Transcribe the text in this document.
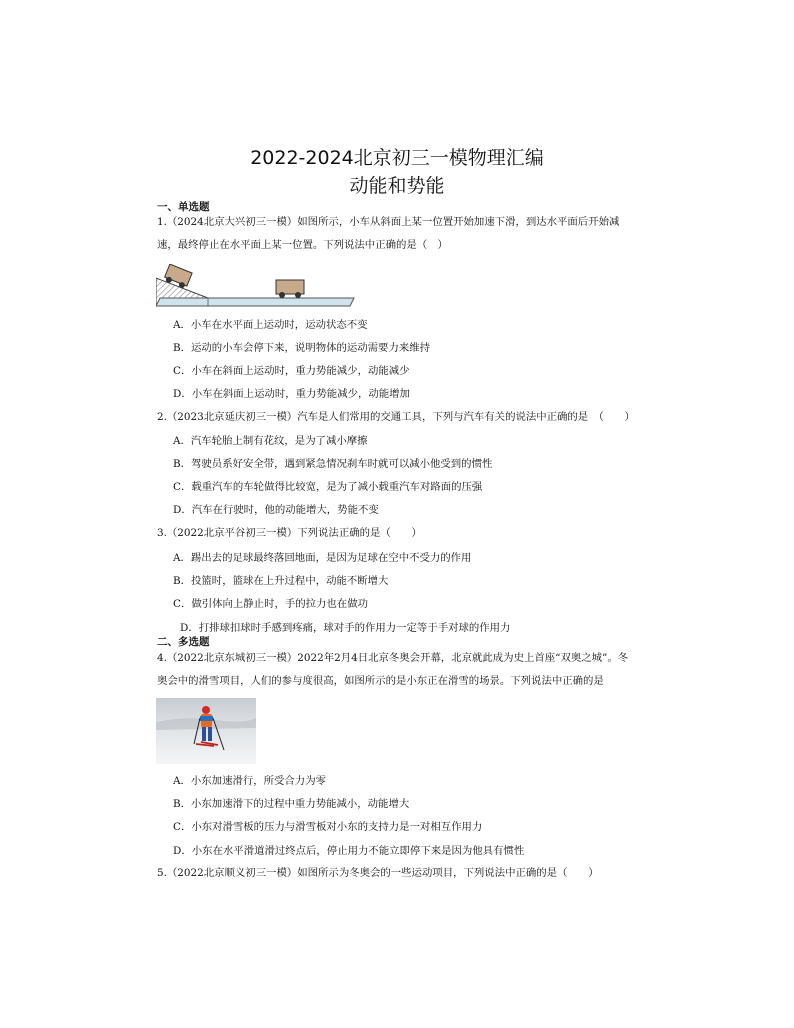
2022-2024北京初三一模物理汇编
动能和势能
一、单选题
1.（2024北京大兴初三一模）如图所示，小车从斜面上某一位置开始加速下滑，到达水平面后开始减速，最终停止在水平面上某一位置。下列说法中正确的是（　）
A．小车在水平面上运动时，运动状态不变
B．运动的小车会停下来，说明物体的运动需要力来维持
C．小车在斜面上运动时，重力势能减少，动能减少
D．小车在斜面上运动时，重力势能减少，动能增加
2.（2023北京延庆初三一模）汽车是人们常用的交通工具，下列与汽车有关的说法中正确的是　（　　）
A．汽车轮胎上制有花纹，是为了减小摩擦
B．驾驶员系好安全带，遇到紧急情况刹车时就可以减小他受到的惯性
C．载重汽车的车轮做得比较宽，是为了减小载重汽车对路面的压强
D．汽车在行驶时，他的动能增大，势能不变
3.（2022北京平谷初三一模）下列说法正确的是（　　）
A．踢出去的足球最终落回地面，是因为足球在空中不受力的作用
B．投篮时，篮球在上升过程中，动能不断增大
C．做引体向上静止时，手的拉力也在做功
D．打排球扣球时手感到疼痛，球对手的作用力一定等于手对球的作用力
二、多选题
4.（2022北京东城初三一模）2022年2月4日北京冬奥会开幕，北京就此成为史上首座“双奥之城”。冬奥会中的滑雪项目，人们的参与度很高，如图所示的是小东正在滑雪的场景。下列说法中正确的是　　
A．小东加速滑行，所受合力为零
B．小东加速滑下的过程中重力势能减小，动能增大
C．小东对滑雪板的压力与滑雪板对小东的支持力是一对相互作用力
D．小东在水平滑道滑过终点后，停止用力不能立即停下来是因为他具有惯性
5.（2022北京顺义初三一模）如图所示为冬奥会的一些运动项目，下列说法中正确的是（　　）
